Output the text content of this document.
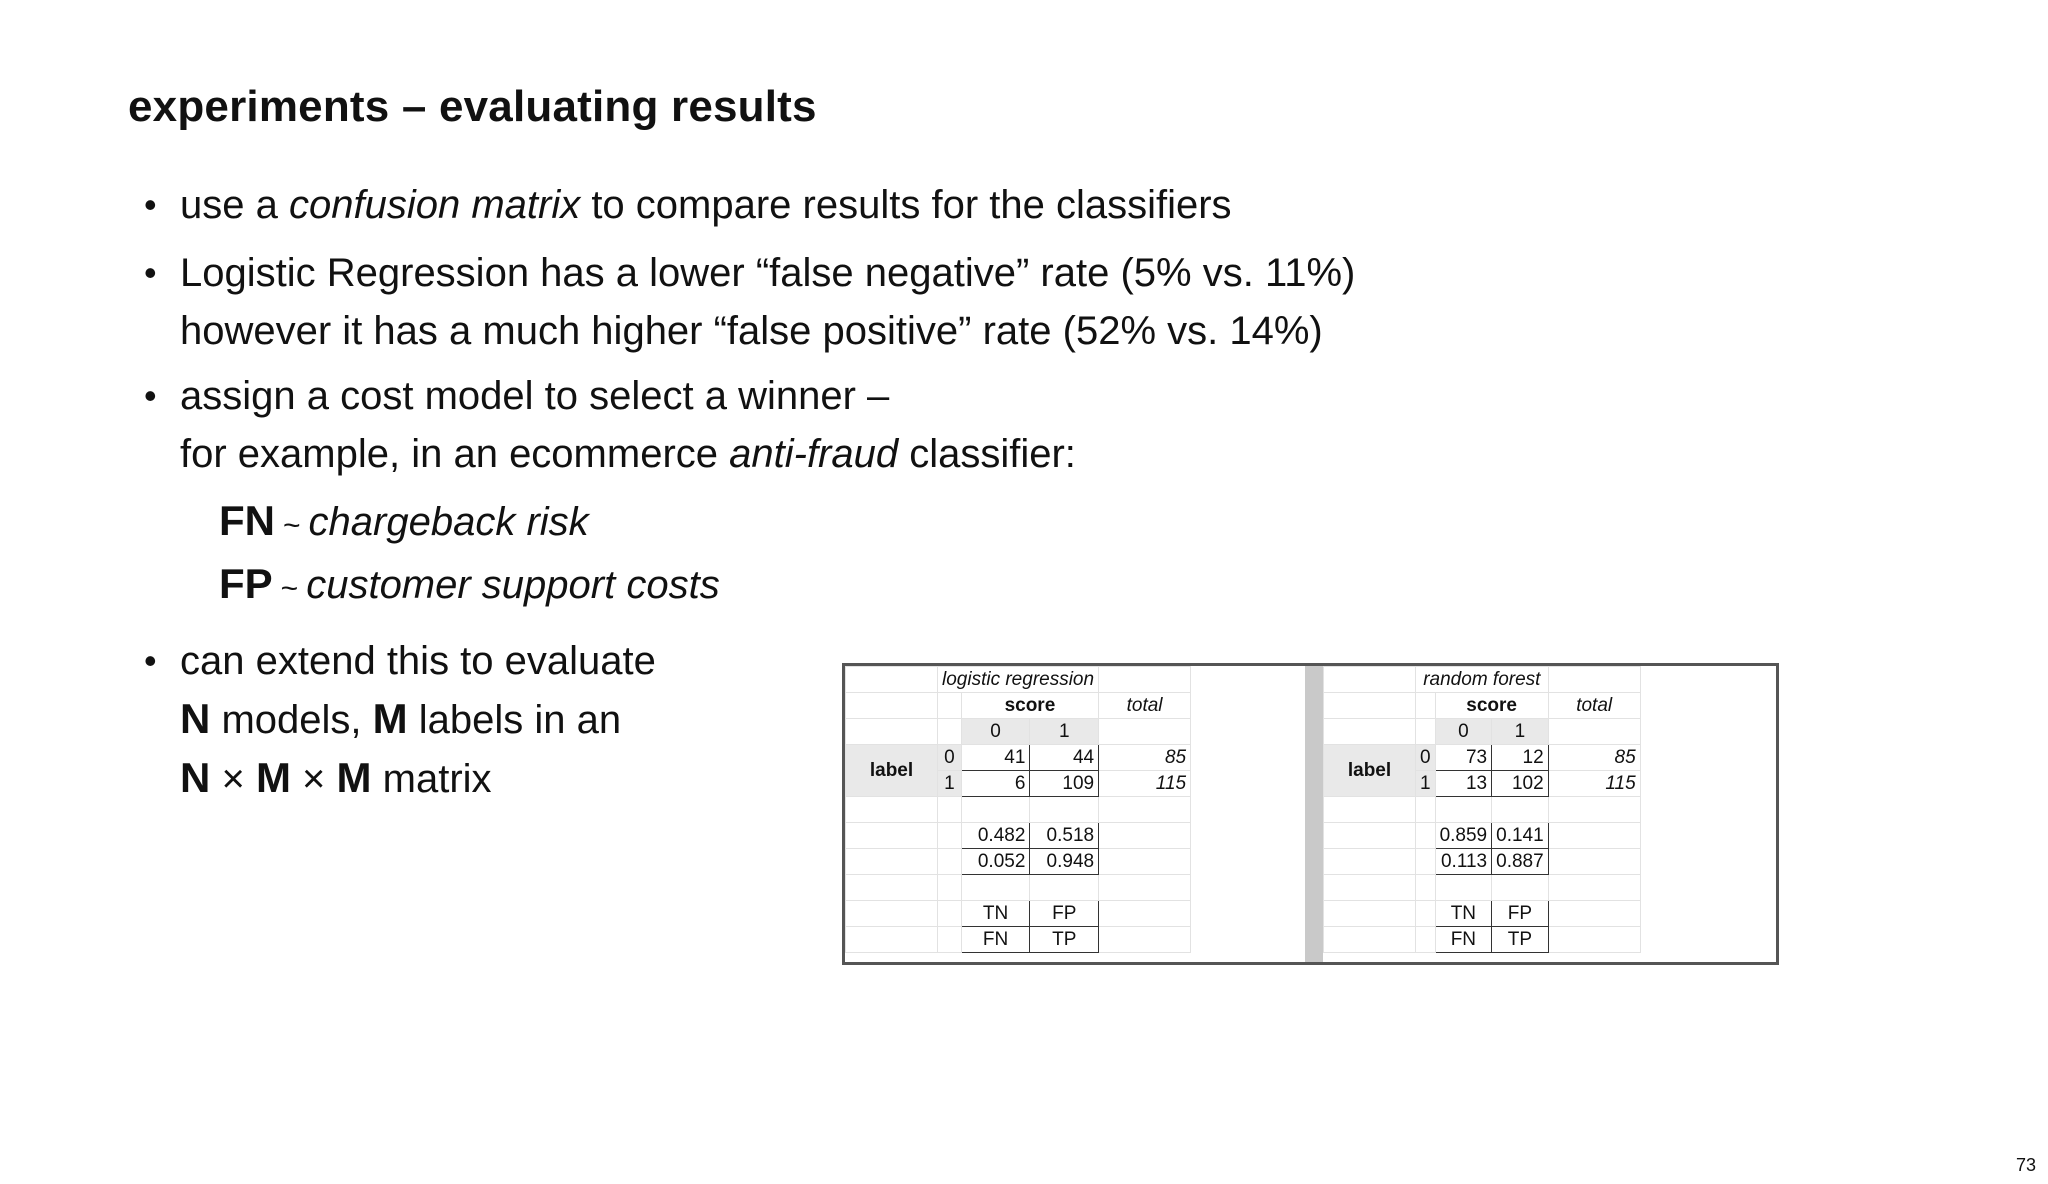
experiments – evaluating results
• use a confusion matrix to compare results for the classifiers
• Logistic Regression has a lower “false negative” rate (5% vs. 11%)
however it has a much higher “false positive” rate (52% vs. 14%)
• assign a cost model to select a winner –
for example, in an ecommerce anti-fraud classifier:
FN ~ chargeback risk
FP ~ customer support costs
• can extend this to evaluate
N models, M labels in an
N × M × M matrix
	logistic regression			
		score		total
		0	1	
label	0	41	44	85
	1	6	109	115

		0.482	0.518	
		0.052	0.948	

		TN	FP	
		FN	TP	
	random forest			
		score		total
		0	1	
label	0	73	12	85
	1	13	102	115

		0.859	0.141	
		0.113	0.887	

		TN	FP	
		FN	TP	
73
